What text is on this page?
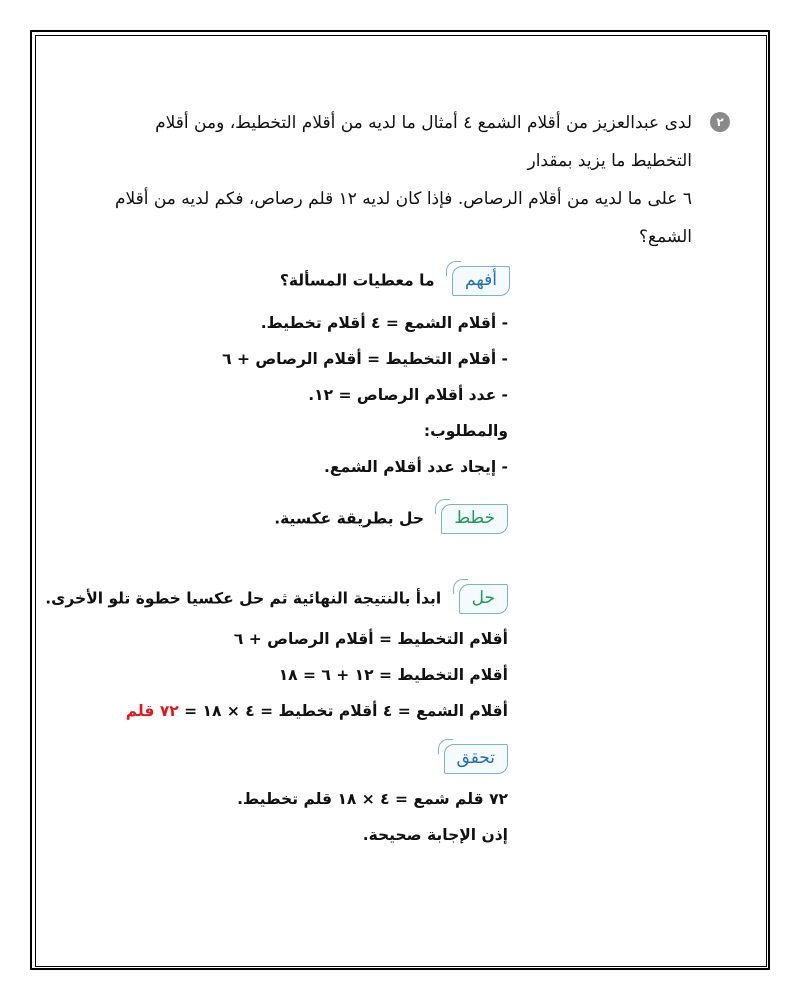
٢
لدى عبدالعزيز من أقلام الشمع ٤ أمثال ما لديه من أقلام التخطيط، ومن أقلام التخطيط ما يزيد بمقدار
٦ على ما لديه من أقلام الرصاص. فإذا كان لديه ١٢ قلم رصاص، فكم لديه من أقلام الشمع؟
أفهم ما معطيات المسألة؟
- أقلام الشمع = ٤ أقلام تخطيط.
- أقلام التخطيط = أقلام الرصاص + ٦
- عدد أقلام الرصاص = ١٢.
والمطلوب:
- إيجاد عدد أقلام الشمع.
خطط حل بطريقة عكسية.
حل ابدأ بالنتيجة النهائية ثم حل عكسيا خطوة تلو الأخرى.
أقلام التخطيط = أقلام الرصاص + ٦
أقلام التخطيط = ١٢ + ٦ = ١٨
أقلام الشمع = ٤ أقلام تخطيط = ٤ × ١٨ = ٧٢ قلم
تحقق
٧٢ قلم شمع = ٤ × ١٨ قلم تخطيط.
إذن الإجابة صحيحة.
